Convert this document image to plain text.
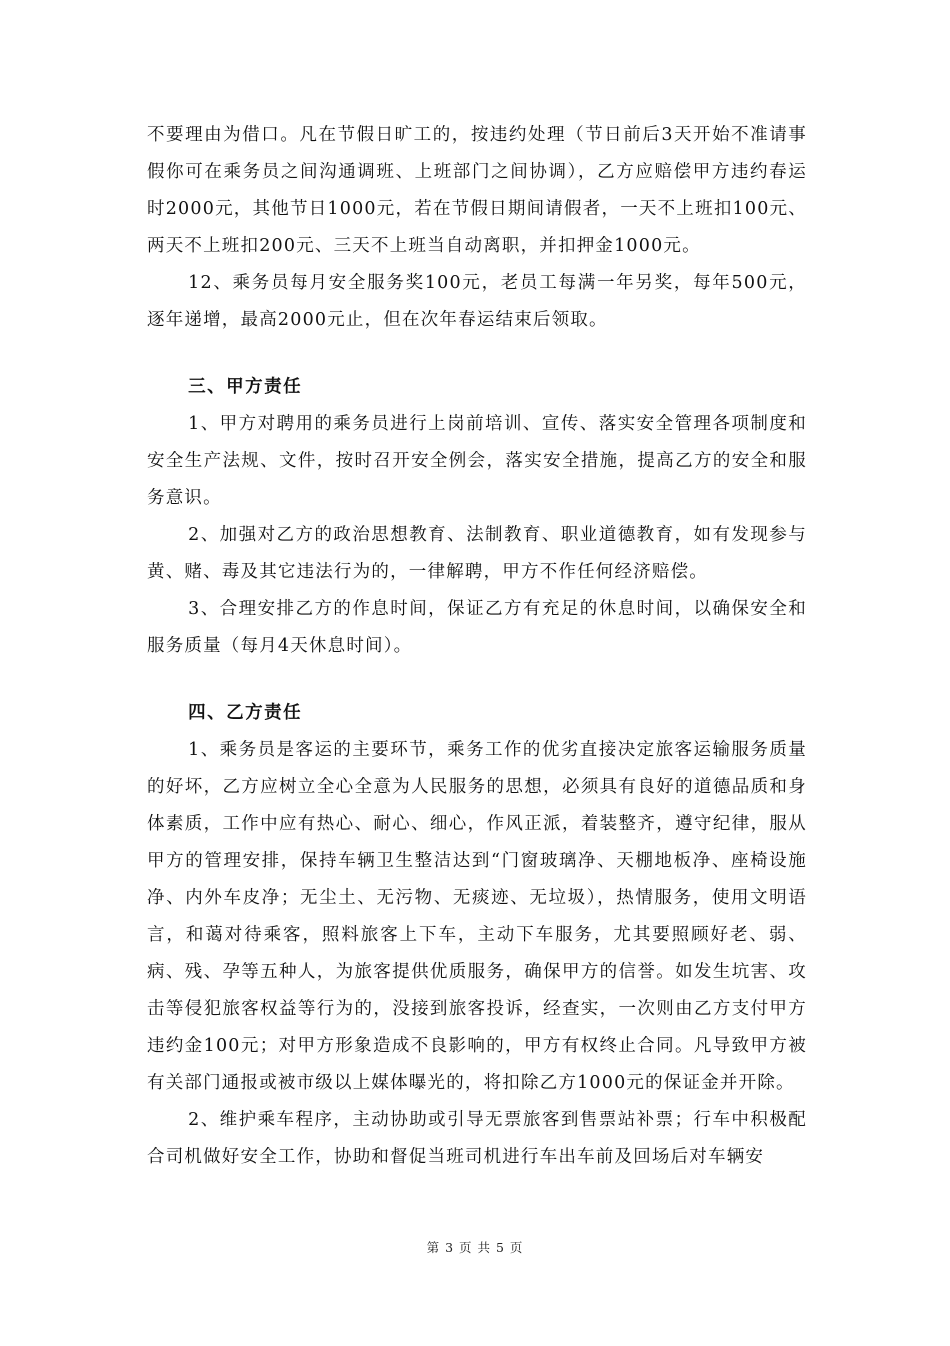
不要理由为借口。凡在节假日旷工的，按违约处理（节日前后3天开始不准请事假你可在乘务员之间沟通调班、上班部门之间协调），乙方应赔偿甲方违约春运时2000元，其他节日1000元，若在节假日期间请假者，一天不上班扣100元、两天不上班扣200元、三天不上班当自动离职，并扣押金1000元。

12、乘务员每月安全服务奖100元，老员工每满一年另奖，每年500元，逐年递增，最高2000元止，但在次年春运结束后领取。

三、甲方责任

1、甲方对聘用的乘务员进行上岗前培训、宣传、落实安全管理各项制度和安全生产法规、文件，按时召开安全例会，落实安全措施，提高乙方的安全和服务意识。

2、加强对乙方的政治思想教育、法制教育、职业道德教育，如有发现参与黄、赌、毒及其它违法行为的，一律解聘，甲方不作任何经济赔偿。

3、合理安排乙方的作息时间，保证乙方有充足的休息时间，以确保安全和服务质量（每月4天休息时间）。

四、乙方责任

1、乘务员是客运的主要环节，乘务工作的优劣直接决定旅客运输服务质量的好坏，乙方应树立全心全意为人民服务的思想，必须具有良好的道德品质和身体素质，工作中应有热心、耐心、细心，作风正派，着装整齐，遵守纪律，服从甲方的管理安排，保持车辆卫生整洁达到“门窗玻璃净、天棚地板净、座椅设施净、内外车皮净；无尘土、无污物、无痰迹、无垃圾），热情服务，使用文明语言，和蔼对待乘客，照料旅客上下车，主动下车服务，尤其要照顾好老、弱、病、残、孕等五种人，为旅客提供优质服务，确保甲方的信誉。如发生坑害、攻击等侵犯旅客权益等行为的，没接到旅客投诉，经查实，一次则由乙方支付甲方违约金100元；对甲方形象造成不良影响的，甲方有权终止合同。凡导致甲方被有关部门通报或被市级以上媒体曝光的，将扣除乙方1000元的保证金并开除。

2、维护乘车程序，主动协助或引导无票旅客到售票站补票；行车中积极配合司机做好安全工作，协助和督促当班司机进行车出车前及回场后对车辆安

第 3 页 共 5 页
